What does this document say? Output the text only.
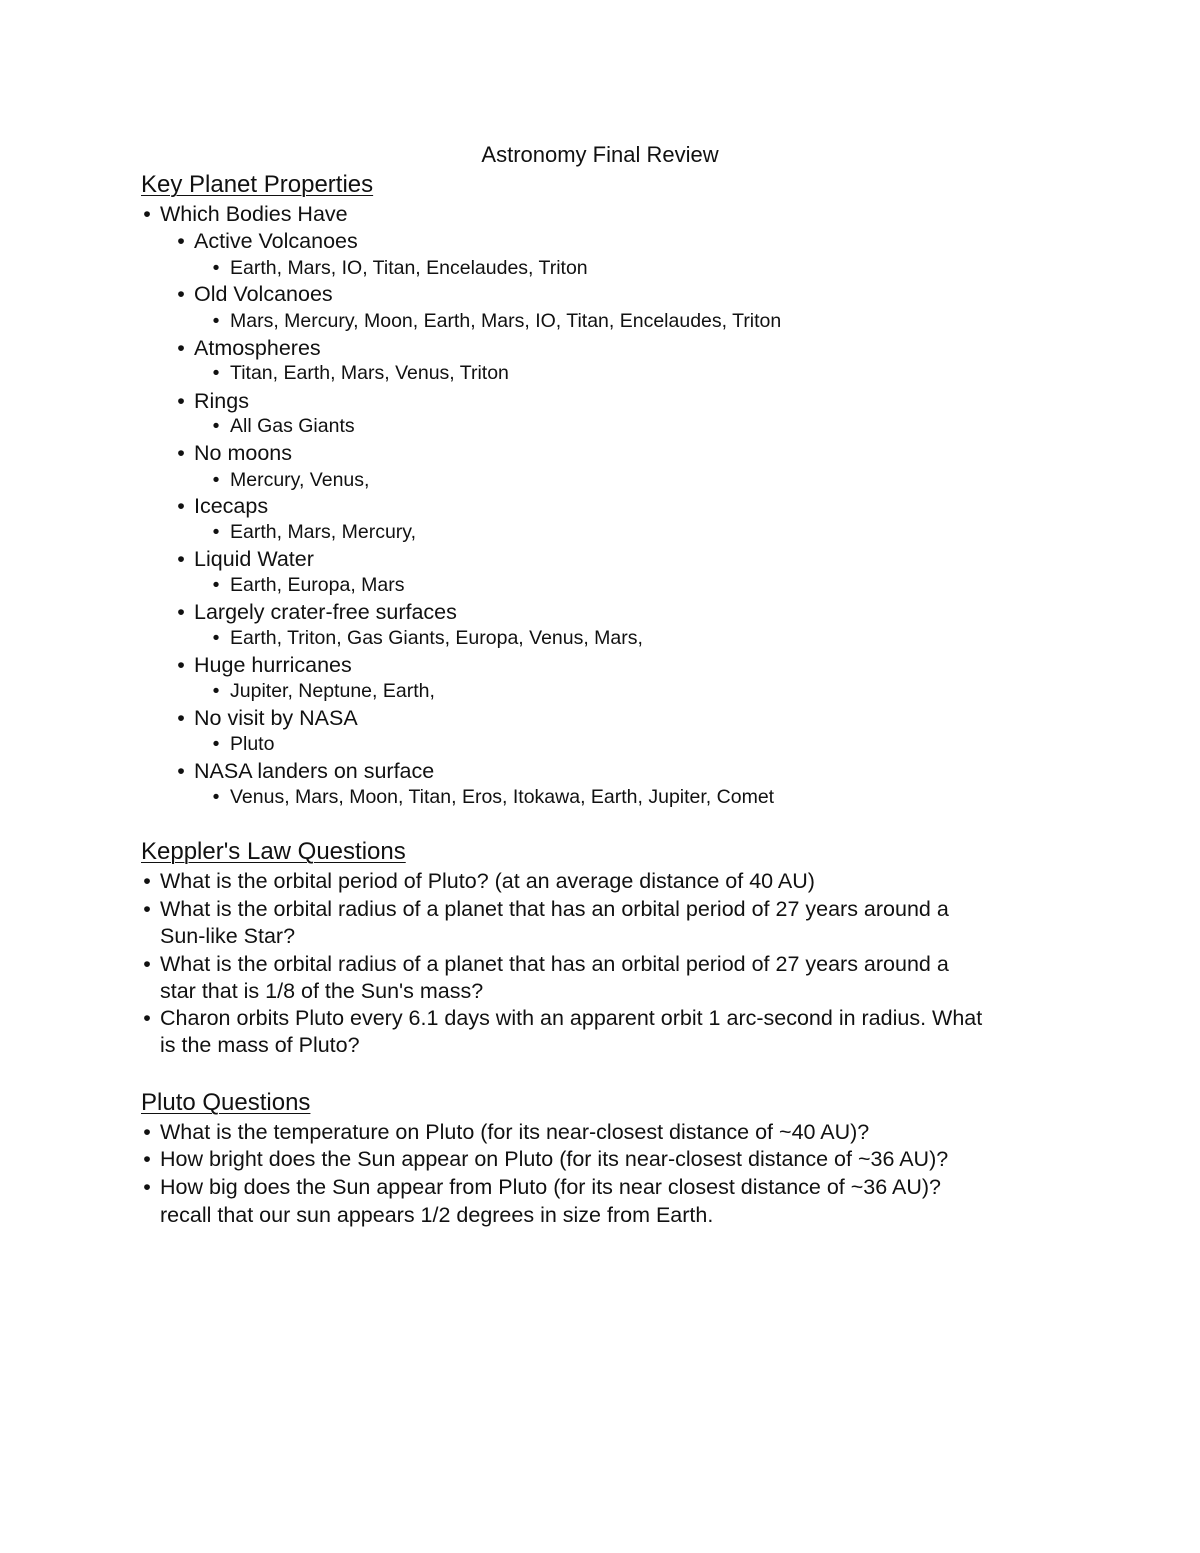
Astronomy Final Review
Key Planet Properties
• Which Bodies Have
• Active Volcanoes
• Earth, Mars, IO, Titan, Encelaudes, Triton
• Old Volcanoes
• Mars, Mercury, Moon, Earth, Mars, IO, Titan, Encelaudes, Triton
• Atmospheres
• Titan, Earth, Mars, Venus, Triton
• Rings
• All Gas Giants
• No moons
• Mercury, Venus,
• Icecaps
• Earth, Mars, Mercury,
• Liquid Water
• Earth, Europa, Mars
• Largely crater-free surfaces
• Earth, Triton, Gas Giants, Europa, Venus, Mars,
• Huge hurricanes
• Jupiter, Neptune, Earth,
• No visit by NASA
• Pluto
• NASA landers on surface
• Venus, Mars, Moon, Titan, Eros, Itokawa, Earth, Jupiter, Comet
Keppler's Law Questions
• What is the orbital period of Pluto? (at an average distance of 40 AU)
• What is the orbital radius of a planet that has an orbital period of 27 years around a
Sun-like Star?
• What is the orbital radius of a planet that has an orbital period of 27 years around a
star that is 1/8 of the Sun's mass?
• Charon orbits Pluto every 6.1 days with an apparent orbit 1 arc-second in radius. What
is the mass of Pluto?
Pluto Questions
• What is the temperature on Pluto (for its near-closest distance of ~40 AU)?
• How bright does the Sun appear on Pluto (for its near-closest distance of ~36 AU)?
• How big does the Sun appear from Pluto (for its near closest distance of ~36 AU)?
recall that our sun appears 1/2 degrees in size from Earth.
